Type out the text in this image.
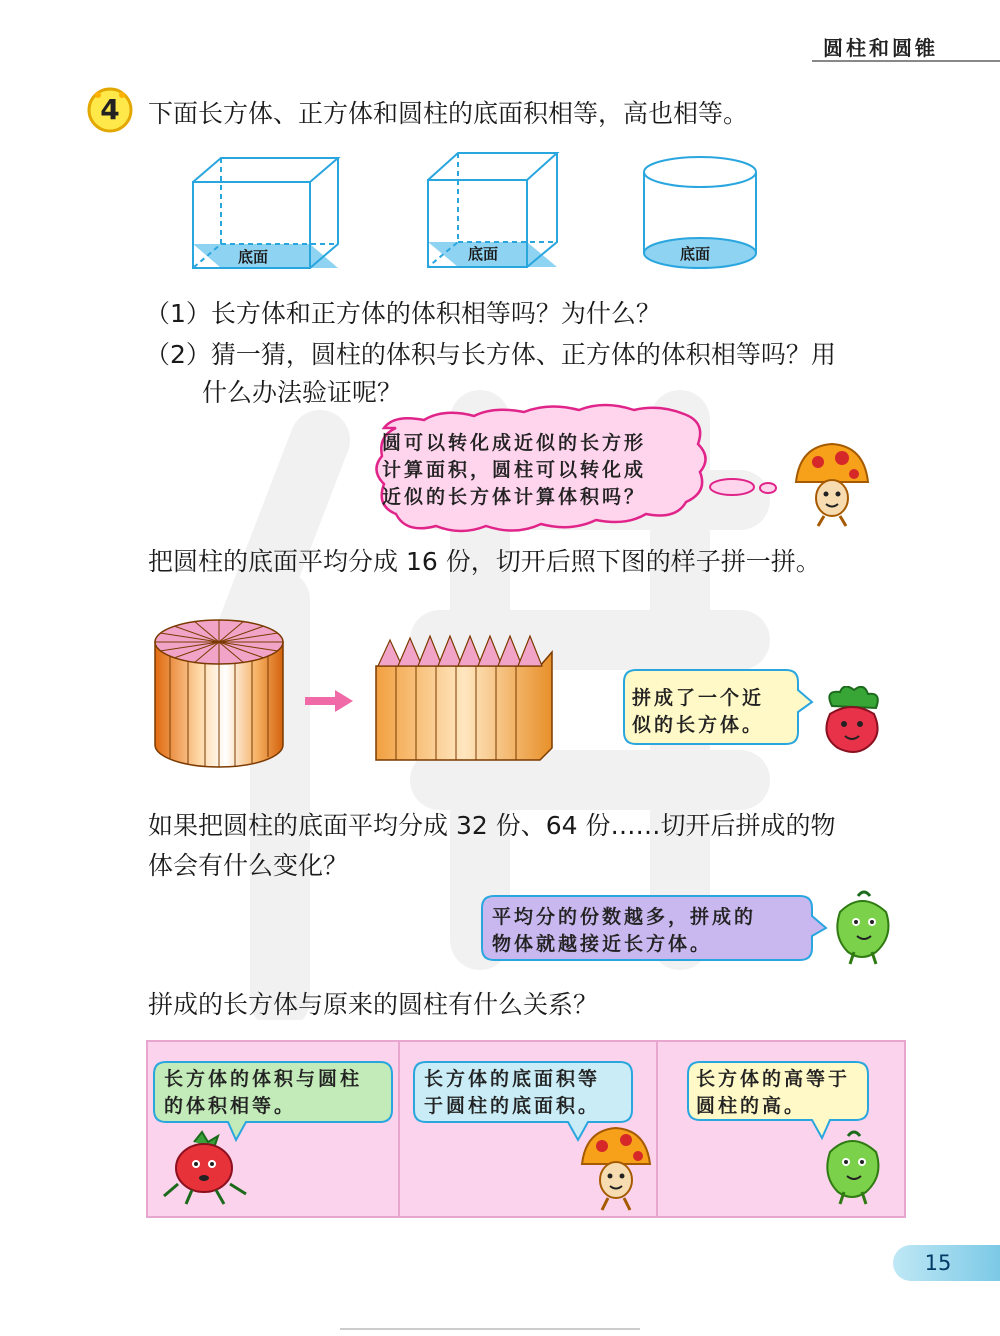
圆柱和圆锥
4	下面长方体、正方体和圆柱的底面积相等，高也相等。
底面	底面	底面
（1）长方体和正方体的体积相等吗？为什么？
（2）猜一猜，圆柱的体积与长方体、正方体的体积相等吗？用
什么办法验证呢？
圆可以转化成近似的长方形
计算面积，圆柱可以转化成
近似的长方体计算体积吗？
把圆柱的底面平均分成 16 份，切开后照下图的样子拼一拼。
拼成了一个近
似的长方体。
如果把圆柱的底面平均分成 32 份、64 份……切开后拼成的物
体会有什么变化？
平均分的份数越多，拼成的
物体就越接近长方体。
拼成的长方体与原来的圆柱有什么关系？
长方体的体积与圆柱
的体积相等。
长方体的底面积等
于圆柱的底面积。
长方体的高等于
圆柱的高。
15
